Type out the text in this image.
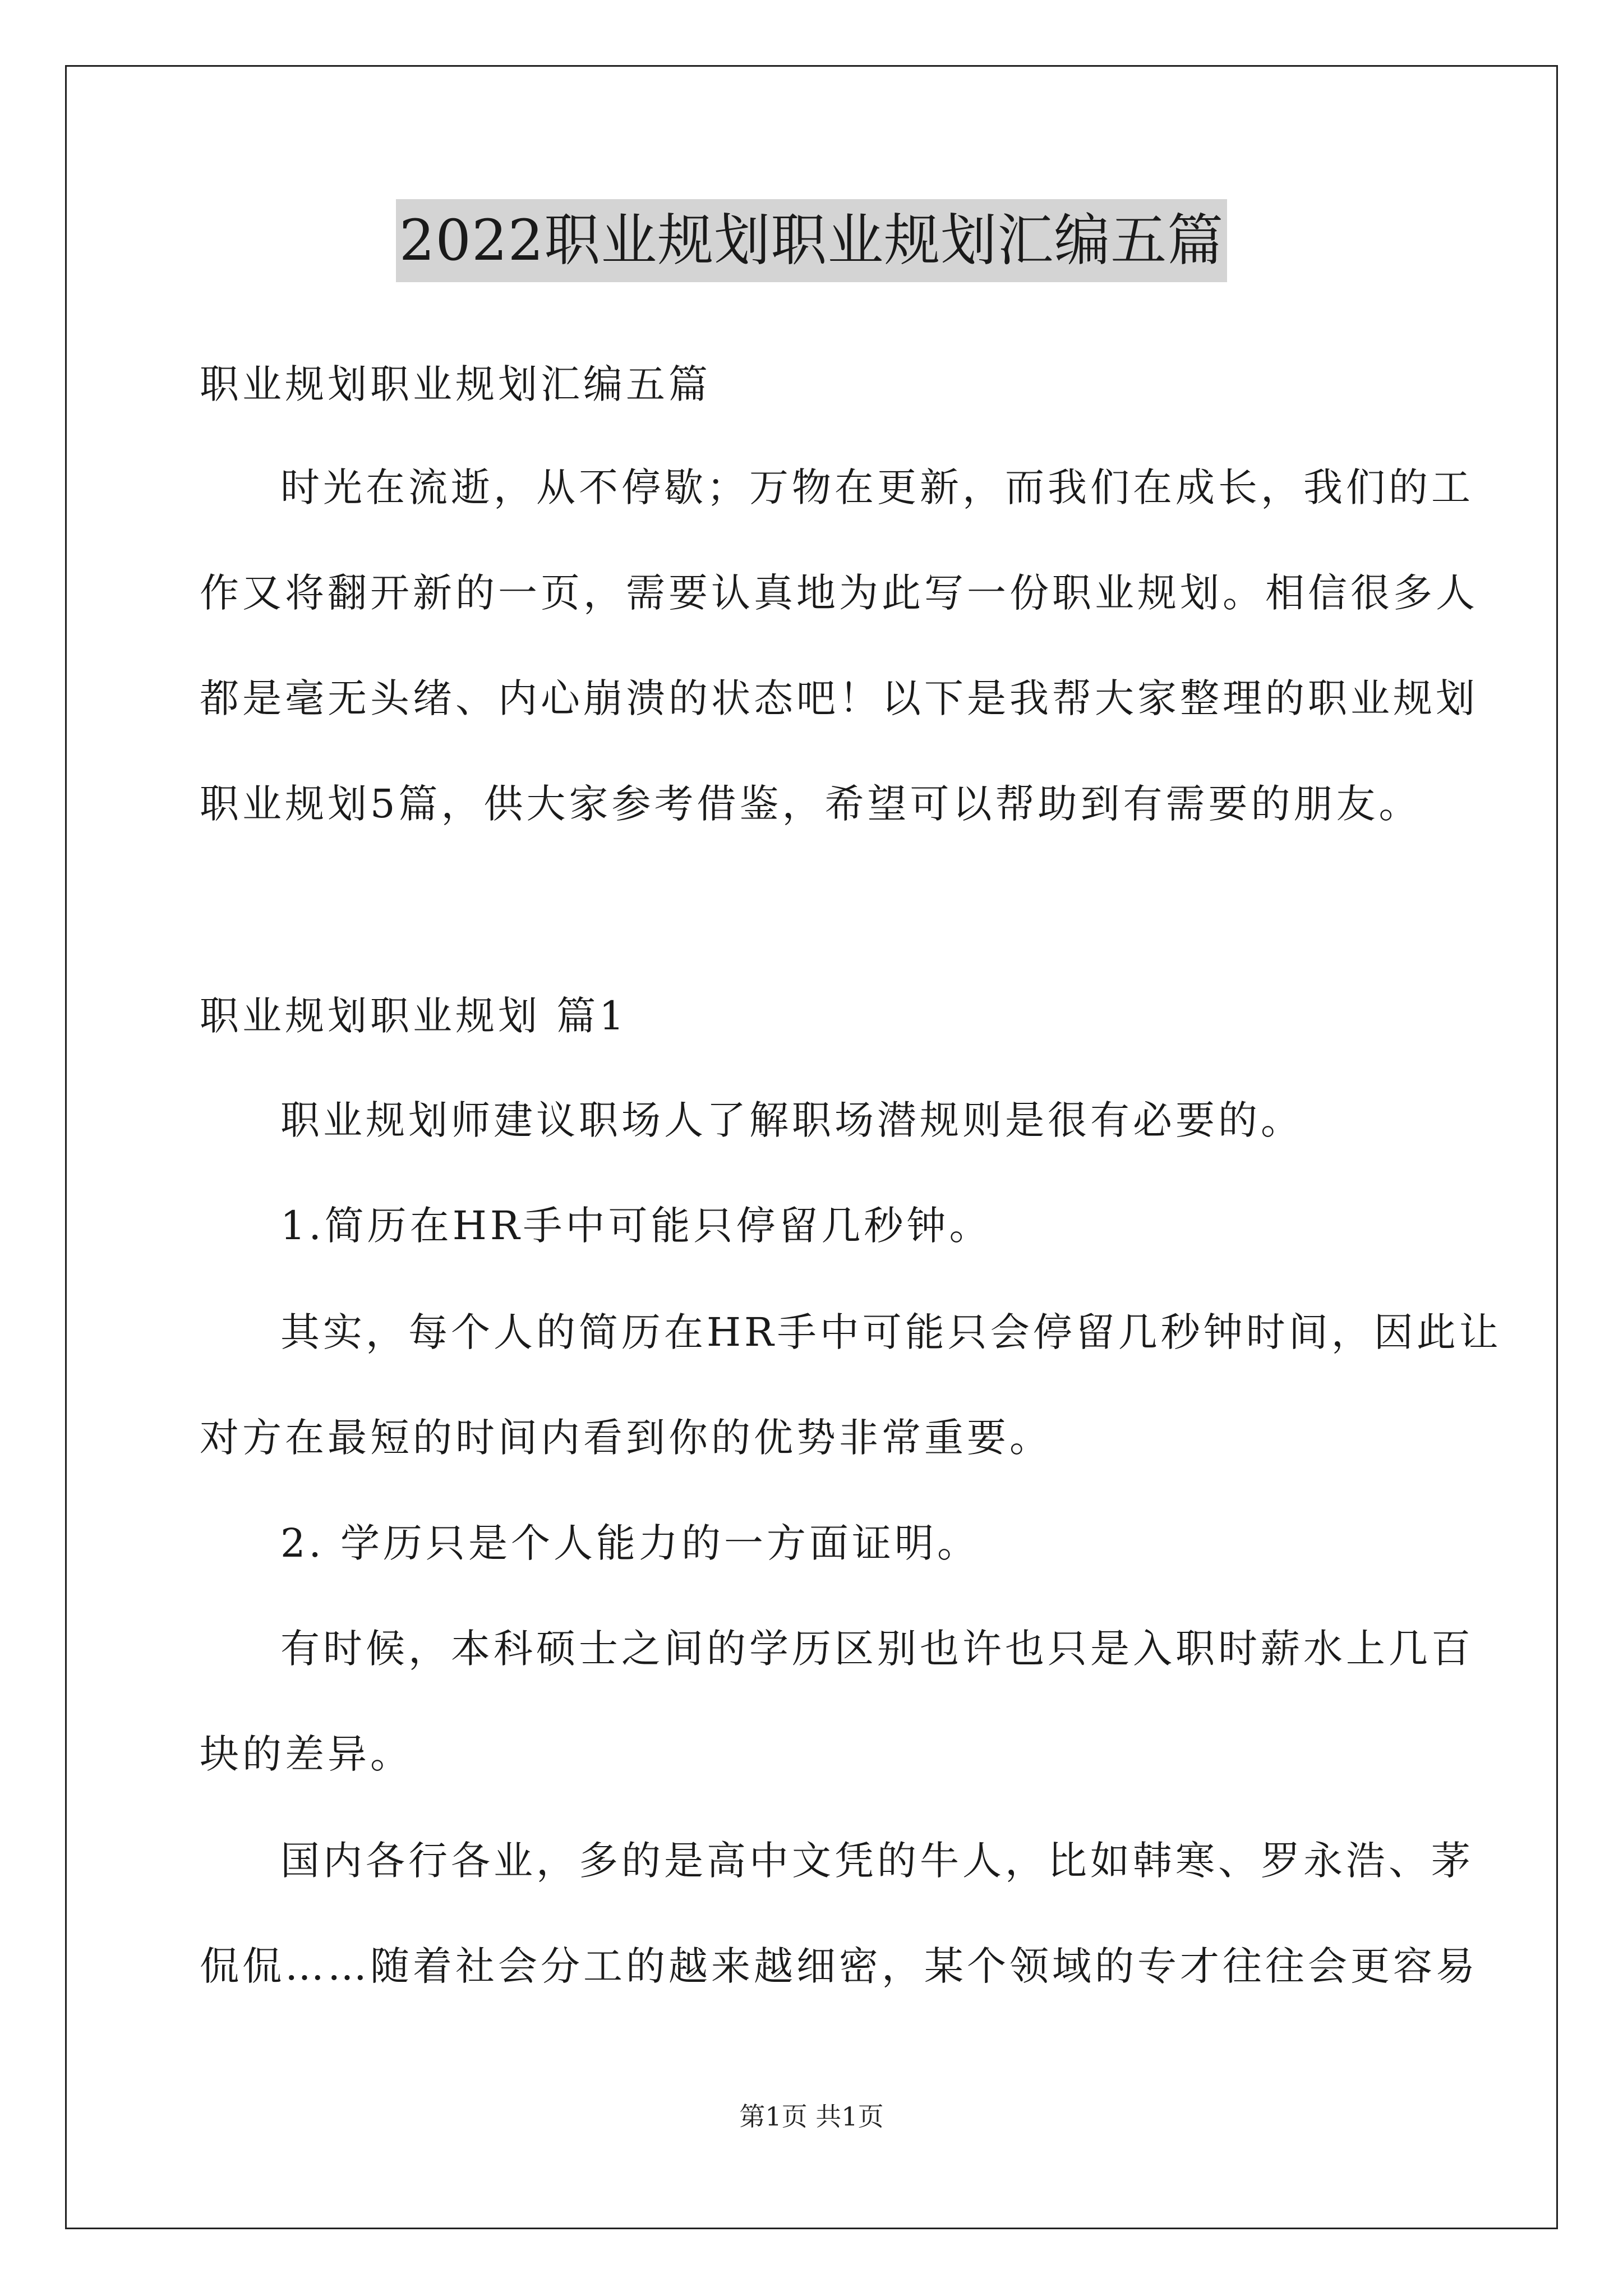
2022职业规划职业规划汇编五篇
职业规划职业规划汇编五篇
时光在流逝，从不停歇；万物在更新，而我们在成长，我们的工
作又将翻开新的一页，需要认真地为此写一份职业规划。相信很多人
都是毫无头绪、内心崩溃的状态吧！以下是我帮大家整理的职业规划
职业规划5篇，供大家参考借鉴，希望可以帮助到有需要的朋友。
职业规划职业规划 篇1
职业规划师建议职场人了解职场潜规则是很有必要的。
1.简历在HR手中可能只停留几秒钟。
其实，每个人的简历在HR手中可能只会停留几秒钟时间，因此让
对方在最短的时间内看到你的优势非常重要。
2. 学历只是个人能力的一方面证明。
有时候，本科硕士之间的学历区别也许也只是入职时薪水上几百
块的差异。
国内各行各业，多的是高中文凭的牛人，比如韩寒、罗永浩、茅
侃侃……随着社会分工的越来越细密，某个领域的专才往往会更容易
第1页 共1页
